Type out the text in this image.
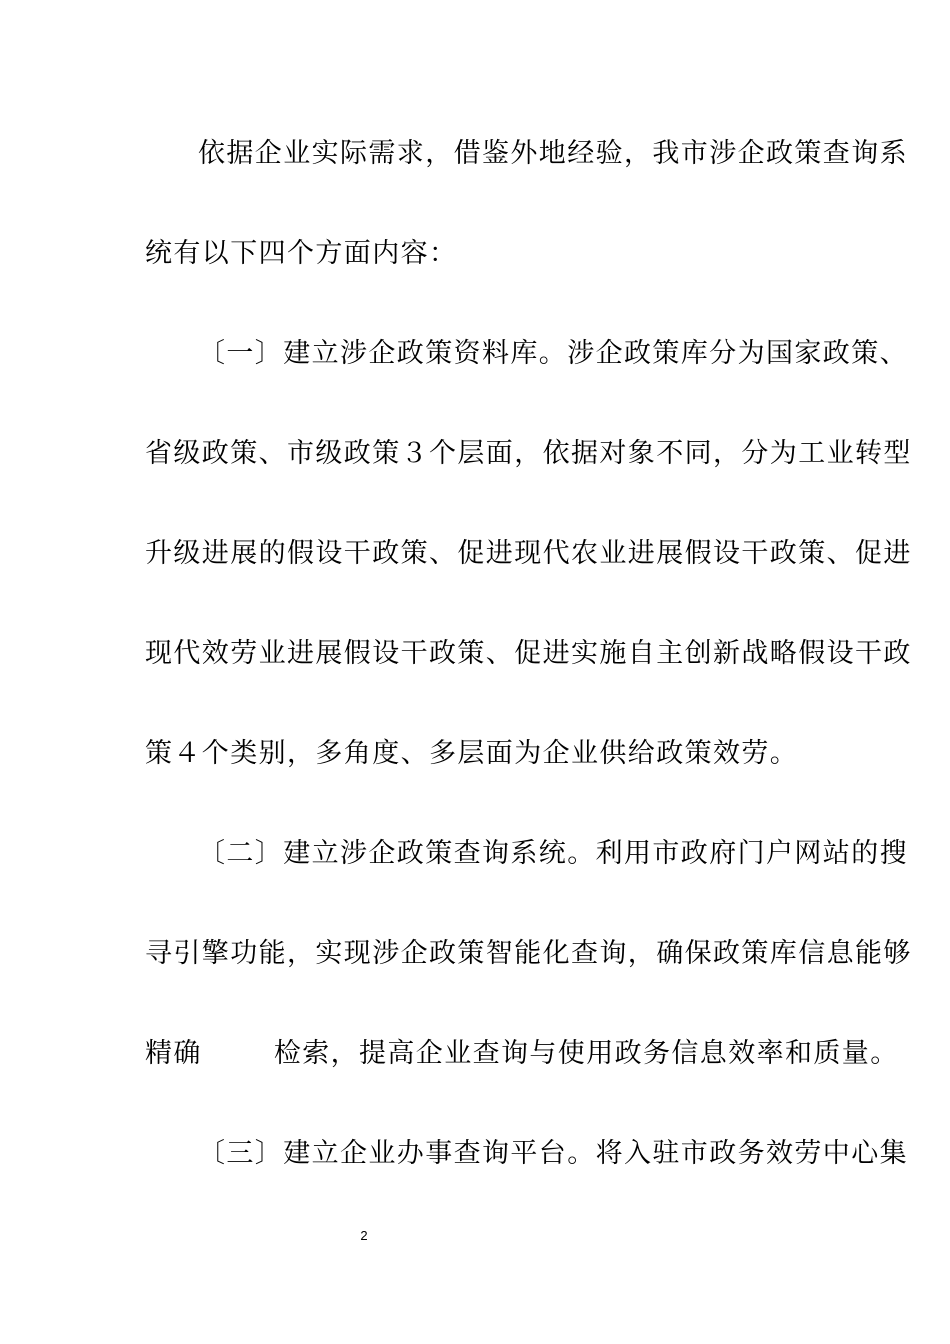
依据企业实际需求，借鉴外地经验，我市涉企政策查询系
统有以下四个方面内容：
〔一〕建立涉企政策资料库。涉企政策库分为国家政策、
省级政策、市级政策３个层面，依据对象不同，分为工业转型
升级进展的假设干政策、促进现代农业进展假设干政策、促进
现代效劳业进展假设干政策、促进实施自主创新战略假设干政
策４个类别，多角度、多层面为企业供给政策效劳。
〔二〕建立涉企政策查询系统。利用市政府门户网站的搜
寻引擎功能，实现涉企政策智能化查询，确保政策库信息能够
精确	检索，提高企业查询与使用政务信息效率和质量。
〔三〕建立企业办事查询平台。将入驻市政务效劳中心集
2
